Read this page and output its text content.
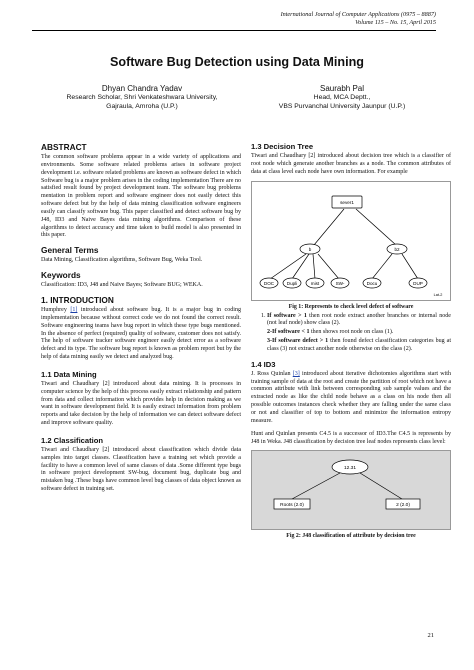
International Journal of Computer Applications (0975 – 8887)
Volume 115 – No. 15, April 2015
Software Bug Detection using Data Mining
Dhyan Chandra Yadav
Research Scholar, Shri Venkateshwara University,
Gajraula, Amroha (U.P.)
Saurabh Pal
Head, MCA Deptt.,
VBS Purvanchal University Jaunpur (U.P.)
ABSTRACT

The common software problems appear in a wide variety of applications and environments. Some software related problems arises in software project development i.e. software related problems are known as software defect in which Software bug is a major problem arises in the coding implementation There are no satisfied result found by project development team. The software bug problems mentation in problem report and software engineer does not easily detect this software defect but by the help of data mining classification software engineers easily can classify software bug. This paper classified and detect software bug by J48, ID3 and Naive Bayes data mining algorithms. Comparison of these algorithms to detect accuracy and time taken to build model is also presented in this paper.

General Terms

Data Mining, Classification algorithms, Software Bug, Weka Tool.

Keywords

Classification: ID3, J48 and Naive Bayes; Software BUG; WEKA.

1. INTRODUCTION

Humphrey [1] introduced about software bug. It is a major bug in coding implementation because without correct code we do not found the correct result. Software engineering teams have bug report in which these type bugs mentioned. In the absence of perfect (required) quality of software, customer does not satisfy. The help of software tracker software engineer easily detect error as a software defect and its type. The software bug report is known as problem report but by the help of data mining easily we detect and analyzed bug.

1.1 Data Mining

Tiwari and Chaudhary [2] introduced about data mining. It is processes in computer science by the help of this process easily extract relationship and pattern from data and collect information which provides help in decision making as we want in software development field. It is easily extract information from problem reports and take decision by the help of information we can detect software defect and improve software quality.

1.2 Classification

Tiwari and Chaudhary [2] introduced about classification which divide data samples into target classes. Classification have a training set which provide a facility to have a common level of same classes of data .Some different type bugs in software project development SW-bug, document bug, duplicate bug and mistaken bug .These bugs have common level bug classes of data object known as software defect in training set.

1.3 Decision Tree

Tiwari and Chaudhary [2] introduced about decision tree which is a classifier of root node which generate another branches as a node. The common attributes of data at class level each node have own information. For example

sever1
b	b2
DOC	Dupli	mist	SW-	Docu	DUP
Lat-2
Fig 1: Represents to check level defect of software
1. If software > 1 then root node extract another branches or internal node (not leaf node) show class (2).
2-If software < 1 then shows root node on class (1).
3-If software defect > 1 then found defect classification categories bug at class (3) not extract another node otherwise on the class (2).
1.4 ID3

J. Ross Quinlan [3] introduced about iterative dichotomies algorithms start with training sample of data at the root and create the partition of root which not have a common attribute with link between corresponding sub sample values and the extracted node as like the child node behave as a class on his node then all possible outcomes instances check whether they are falling under the same class or not and classifier of top to bottom and minimize the information entropy measure.

Hunt and Quinlan presents C4.5 is a successor of ID3.The C4.5 is represents by J48 in Weka. J48 classification by decision tree leaf nodes represents class level:

12.31
Roots (2.0)	2 (2.0)
Fig 2: J48 classification of attribute by decision tree
21
